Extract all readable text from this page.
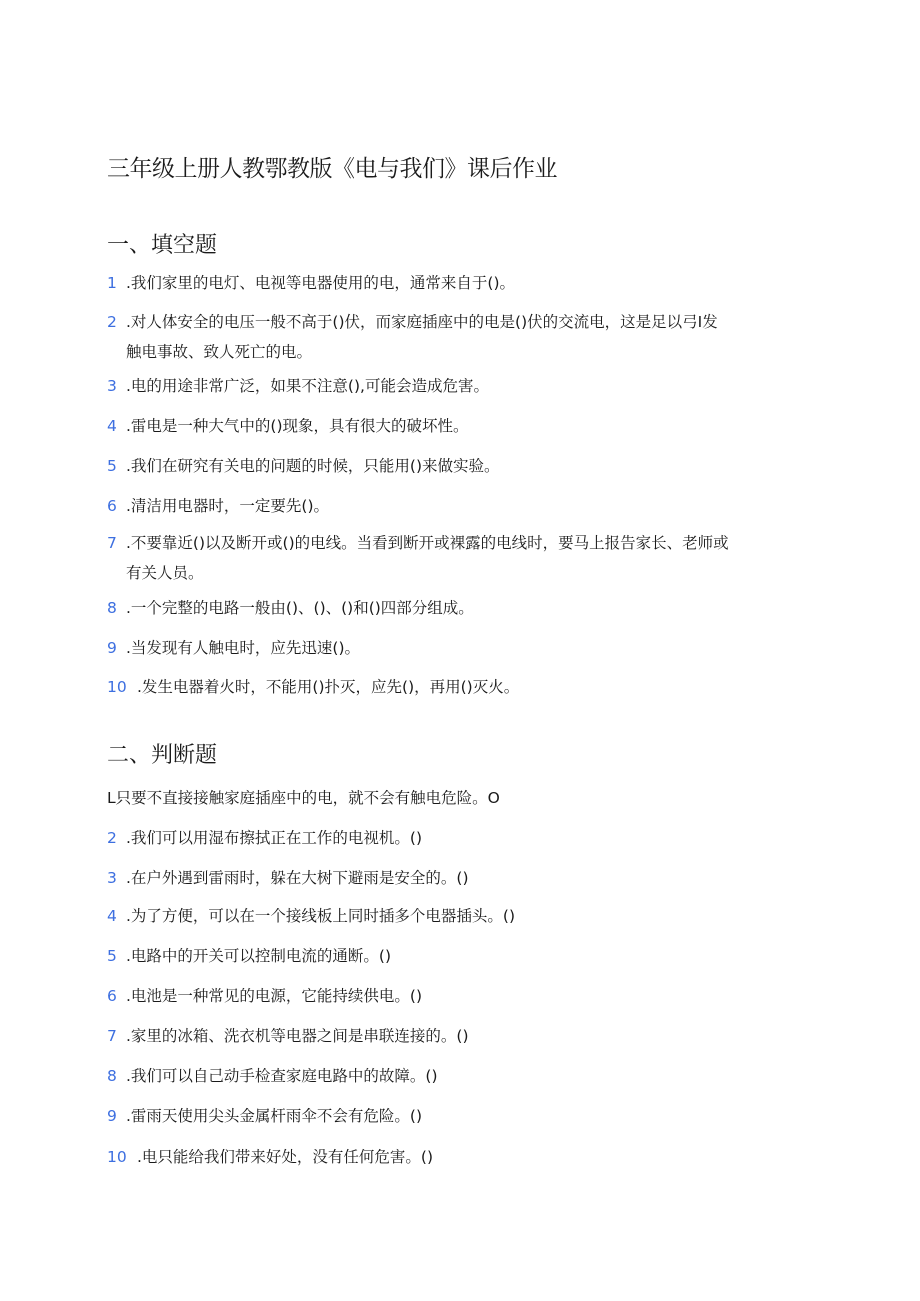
三年级上册人教鄂教版《电与我们》课后作业
一、填空题
1 .我们家里的电灯、电视等电器使用的电，通常来自于()。
2 .对人体安全的电压一般不高于()伏，而家庭插座中的电是()伏的交流电，这是足以弓I发
触电事故、致人死亡的电。
3 .电的用途非常广泛，如果不注意(),可能会造成危害。
4 .雷电是一种大气中的()现象，具有很大的破坏性。
5 .我们在研究有关电的问题的时候，只能用()来做实验。
6 .清洁用电器时，一定要先()。
7 .不要靠近()以及断开或()的电线。当看到断开或裸露的电线时，要马上报告家长、老师或
有关人员。
8 .一个完整的电路一般由()、()、()和()四部分组成。
9 .当发现有人触电时，应先迅速()。
10 .发生电器着火时，不能用()扑灭，应先()，再用()灭火。
二、判断题
L只要不直接接触家庭插座中的电，就不会有触电危险。O
2 .我们可以用湿布擦拭正在工作的电视机。()
3 .在户外遇到雷雨时，躲在大树下避雨是安全的。()
4 .为了方便，可以在一个接线板上同时插多个电器插头。()
5 .电路中的开关可以控制电流的通断。()
6 .电池是一种常见的电源，它能持续供电。()
7 .家里的冰箱、洗衣机等电器之间是串联连接的。()
8 .我们可以自己动手检查家庭电路中的故障。()
9 .雷雨天使用尖头金属杆雨伞不会有危险。()
10 .电只能给我们带来好处，没有任何危害。()
